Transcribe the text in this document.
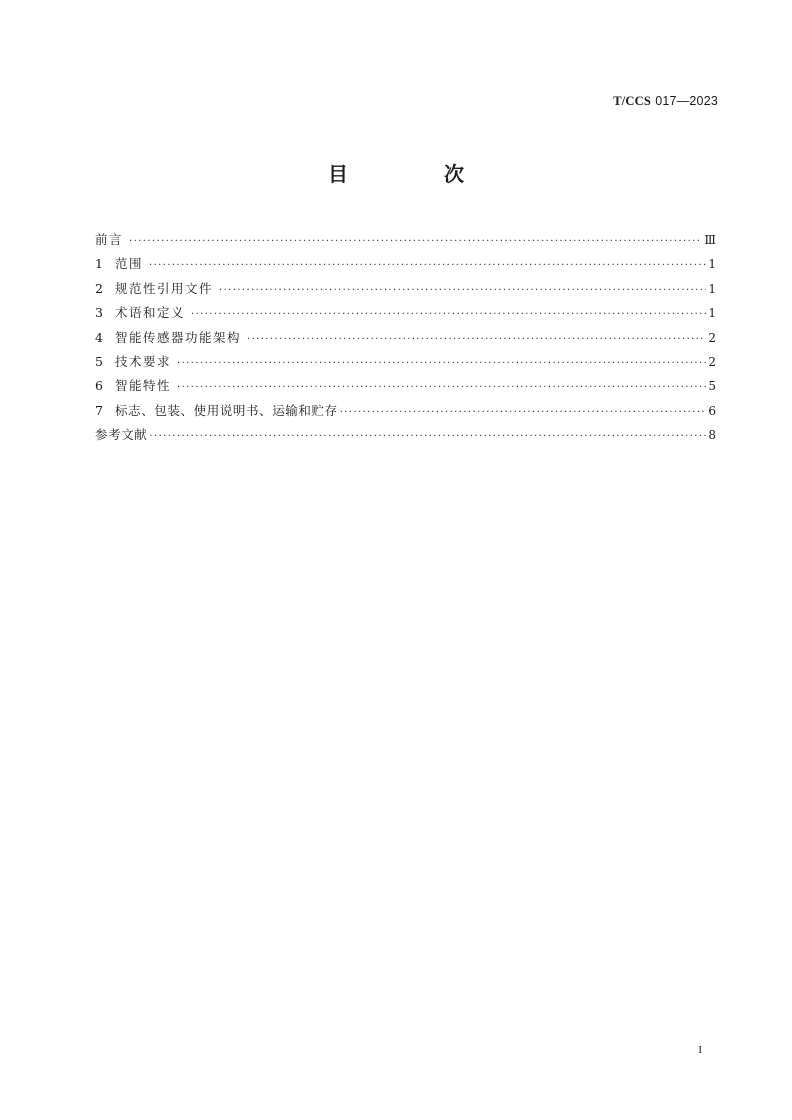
T/CCS 017—2023
目　次
前言 ·····	Ⅲ
1 范围 ·····	1
2 规范性引用文件 ·····	1
3 术语和定义 ·····	1
4 智能传感器功能架构 ·····	2
5 技术要求 ·····	2
6 智能特性 ·····	5
7 标志、包装、使用说明书、运输和贮存 ·····	6
参考文献 ·····	8
I
